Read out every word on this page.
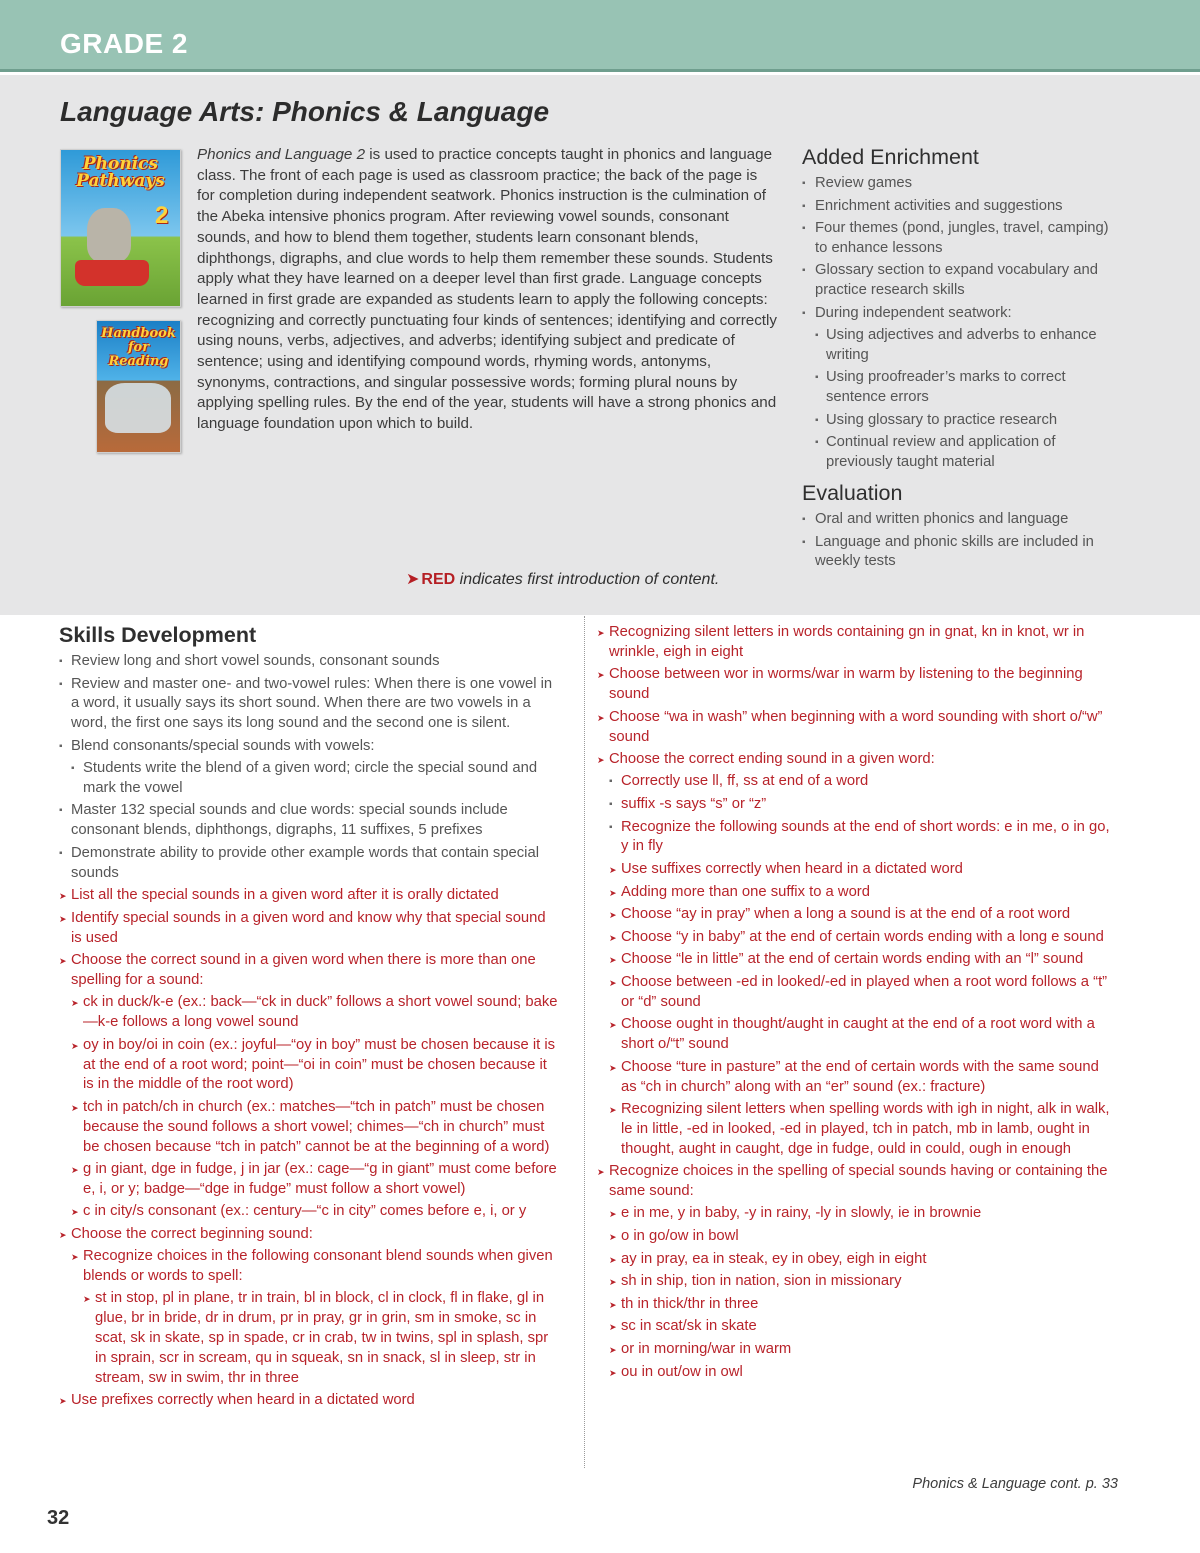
GRADE 2
Language Arts: Phonics & Language
Phonics Pathways
2
Handbook for Reading

Phonics and Language 2 is used to practice concepts taught in phonics and language class. The front of each page is used as classroom practice; the back of the page is for completion during independent seatwork. Phonics instruction is the culmination of the Abeka intensive phonics program. After reviewing vowel sounds, consonant sounds, and how to blend them together, students learn consonant blends, diphthongs, digraphs, and clue words to help them remember these sounds. Students apply what they have learned on a deeper level than first grade. Language concepts learned in first grade are expanded as students learn to apply the following concepts: recognizing and correctly punctuating four kinds of sentences; identifying and correctly using nouns, verbs, adjectives, and adverbs; identifying subject and predicate of sentence; using and identifying compound words, rhyming words, antonyms, synonyms, contractions, and singular possessive words; forming plural nouns by applying spelling rules. By the end of the year, students will have a strong phonics and language foundation upon which to build.

Added Enrichment
▪ Review games
▪ Enrichment activities and suggestions
▪ Four themes (pond, jungles, travel, camping) to enhance lessons
▪ Glossary section to expand vocabulary and practice research skills
▪ During independent seatwork:
▪ Using adjectives and adverbs to enhance writing
▪ Using proofreader’s marks to correct sentence errors
▪ Using glossary to practice research
▪ Continual review and application of previously taught material
Evaluation
▪ Oral and written phonics and language
▪ Language and phonic skills are included in weekly tests
➤ RED indicates first introduction of content.
Skills Development
▪ Review long and short vowel sounds, consonant sounds
▪ Review and master one- and two-vowel rules: When there is one vowel in a word, it usually says its short sound. When there are two vowels in a word, the first one says its long sound and the second one is silent.
▪ Blend consonants/special sounds with vowels:
▪ Students write the blend of a given word; circle the special sound and mark the vowel
▪ Master 132 special sounds and clue words: special sounds include consonant blends, diphthongs, digraphs, 11 suffixes, 5 prefixes
▪ Demonstrate ability to provide other example words that contain special sounds
➤ List all the special sounds in a given word after it is orally dictated
➤ Identify special sounds in a given word and know why that special sound is used
➤ Choose the correct sound in a given word when there is more than one spelling for a sound:
➤ ck in duck/k-e (ex.: back—“ck in duck” follows a short vowel sound; bake—k-e follows a long vowel sound
➤ oy in boy/oi in coin (ex.: joyful—“oy in boy” must be chosen because it is at the end of a root word; point—“oi in coin” must be chosen because it is in the middle of the root word)
➤ tch in patch/ch in church (ex.: matches—“tch in patch” must be chosen because the sound follows a short vowel; chimes—“ch in church” must be chosen because “tch in patch” cannot be at the beginning of a word)
➤ g in giant, dge in fudge, j in jar (ex.: cage—“g in giant” must come before e, i, or y; badge—“dge in fudge” must follow a short vowel)
➤ c in city/s consonant (ex.: century—“c in city” comes before e, i, or y
➤ Choose the correct beginning sound:
➤ Recognize choices in the following consonant blend sounds when given blends or words to spell:
➤ st in stop, pl in plane, tr in train, bl in block, cl in clock, fl in flake, gl in glue, br in bride, dr in drum, pr in pray, gr in grin, sm in smoke, sc in scat, sk in skate, sp in spade, cr in crab, tw in twins, spl in splash, spr in sprain, scr in scream, qu in squeak, sn in snack, sl in sleep, str in stream, sw in swim, thr in three
➤ Use prefixes correctly when heard in a dictated word
➤ Recognizing silent letters in words containing gn in gnat, kn in knot, wr in wrinkle, eigh in eight
➤ Choose between wor in worms/war in warm by listening to the beginning sound
➤ Choose “wa in wash” when beginning with a word sounding with short o/“w” sound
➤ Choose the correct ending sound in a given word:
▪ Correctly use ll, ff, ss at end of a word
▪ suffix -s says “s” or “z”
▪ Recognize the following sounds at the end of short words: e in me, o in go, y in fly
➤ Use suffixes correctly when heard in a dictated word
➤ Adding more than one suffix to a word
➤ Choose “ay in pray” when a long a sound is at the end of a root word
➤ Choose “y in baby” at the end of certain words ending with a long e sound
➤ Choose “le in little” at the end of certain words ending with an “l” sound
➤ Choose between -ed in looked/-ed in played when a root word follows a “t” or “d” sound
➤ Choose ought in thought/aught in caught at the end of a root word with a short o/“t” sound
➤ Choose “ture in pasture” at the end of certain words with the same sound as “ch in church” along with an “er” sound (ex.: fracture)
➤ Recognizing silent letters when spelling words with igh in night, alk in walk, le in little, -ed in looked, -ed in played, tch in patch, mb in lamb, ought in thought, aught in caught, dge in fudge, ould in could, ough in enough
➤ Recognize choices in the spelling of special sounds having or containing the same sound:
➤ e in me, y in baby, -y in rainy, -ly in slowly, ie in brownie
➤ o in go/ow in bowl
➤ ay in pray, ea in steak, ey in obey, eigh in eight
➤ sh in ship, tion in nation, sion in missionary
➤ th in thick/thr in three
➤ sc in scat/sk in skate
➤ or in morning/war in warm
➤ ou in out/ow in owl
Phonics & Language cont. p. 33
32
